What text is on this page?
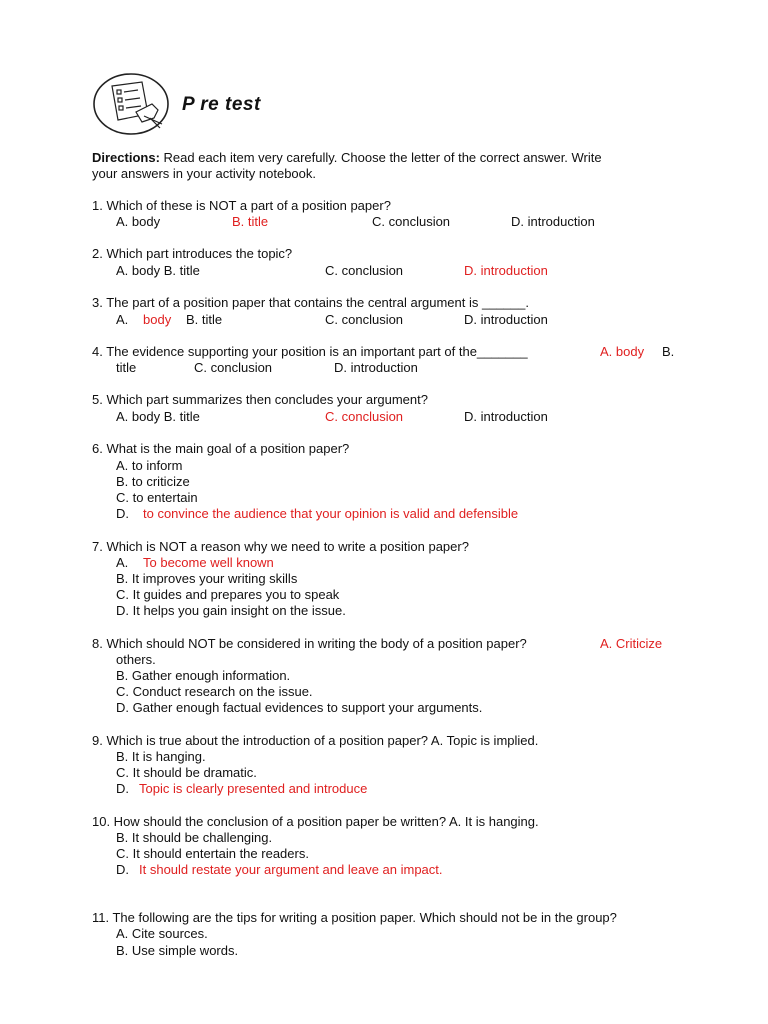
P re test
Directions: Read each item very carefully. Choose the letter of the correct answer. Write
your answers in your activity notebook.
1. Which of these is NOT a part of a position paper?
A. body	B. title	C. conclusion	D. introduction
2. Which part introduces the topic?
A. body B. title	C. conclusion	D. introduction
3. The part of a position paper that contains the central argument is ______.
A. body B. title	C. conclusion	D. introduction
4. The evidence supporting your position is an important part of the_______	A. body B.
title	C. conclusion	D. introduction
5. Which part summarizes then concludes your argument?
A. body B. title	C. conclusion	D. introduction
6. What is the main goal of a position paper?
A. to inform
B. to criticize
C. to entertain
D. to convince the audience that your opinion is valid and defensible
7. Which is NOT a reason why we need to write a position paper?
A. To become well known
B. It improves your writing skills
C. It guides and prepares you to speak
D. It helps you gain insight on the issue.
8. Which should NOT be considered in writing the body of a position paper?	A. Criticize
others.
B. Gather enough information.
C. Conduct research on the issue.
D. Gather enough factual evidences to support your arguments.
9. Which is true about the introduction of a position paper? A. Topic is implied.
B. It is hanging.
C. It should be dramatic.
D. Topic is clearly presented and introduce
10. How should the conclusion of a position paper be written? A. It is hanging.
B. It should be challenging.
C. It should entertain the readers.
D. It should restate your argument and leave an impact.
11. The following are the tips for writing a position paper. Which should not be in the group?
A. Cite sources.
B. Use simple words.
